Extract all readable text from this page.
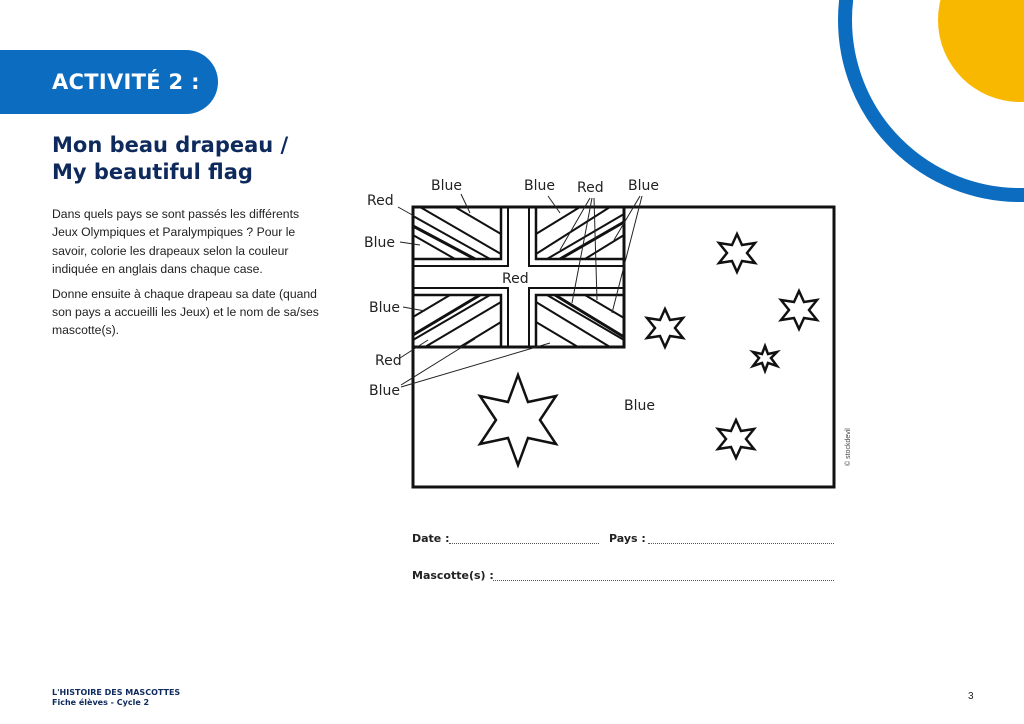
ACTIVITÉ 2 :
Mon beau drapeau /
My beautiful flag

Dans quels pays se sont passés les différents Jeux Olympiques et Paralympiques ? Pour le savoir, colorie les drapeaux selon la couleur indiquée en anglais dans chaque case.

Donne ensuite à chaque drapeau sa date (quand son pays a accueilli les Jeux) et le nom de sa/ses mascotte(s).

Red
Blue	Blue Red Blue
Blue
Red
Blue
Red
Blue
Blue
© stockdevil
Date :	Pays :
Mascotte(s) :
L'HISTOIRE DES MASCOTTES
Fiche élèves - Cycle 2
3
